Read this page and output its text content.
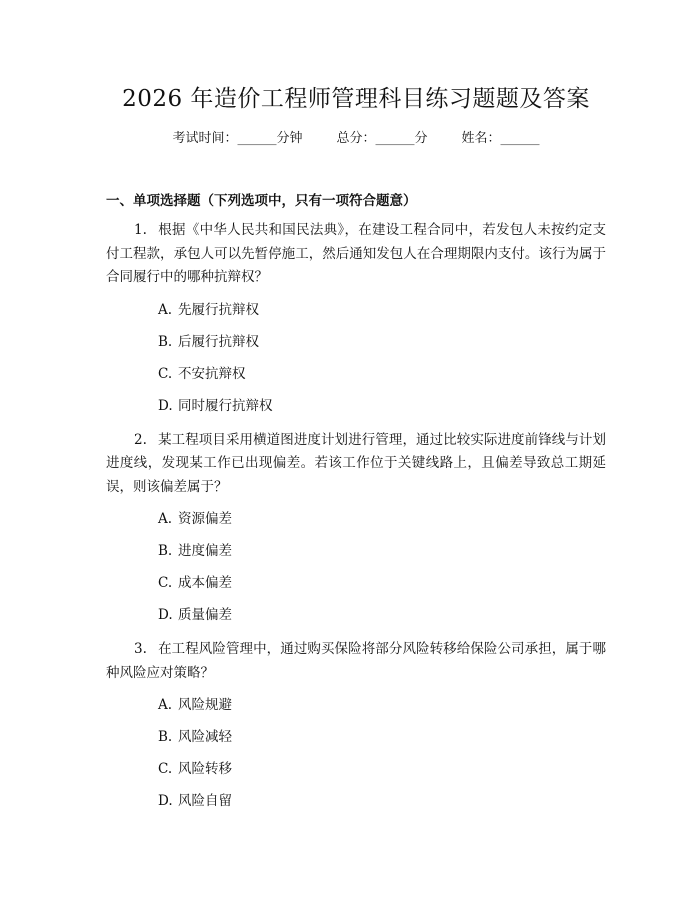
2026 年造价工程师管理科目练习题题及答案
考试时间：______分钟	总分：______分	姓名：______
一、单项选择题（下列选项中，只有一项符合题意）

1. 根据《中华人民共和国民法典》，在建设工程合同中，若发包人未按约定支付工程款，承包人可以先暂停施工，然后通知发包人在合理期限内支付。该行为属于合同履行中的哪种抗辩权？

A. 先履行抗辩权
B. 后履行抗辩权
C. 不安抗辩权
D. 同时履行抗辩权

2. 某工程项目采用横道图进度计划进行管理，通过比较实际进度前锋线与计划进度线，发现某工作已出现偏差。若该工作位于关键线路上，且偏差导致总工期延误，则该偏差属于？

A. 资源偏差
B. 进度偏差
C. 成本偏差
D. 质量偏差

3. 在工程风险管理中，通过购买保险将部分风险转移给保险公司承担，属于哪种风险应对策略？

A. 风险规避
B. 风险减轻
C. 风险转移
D. 风险自留
